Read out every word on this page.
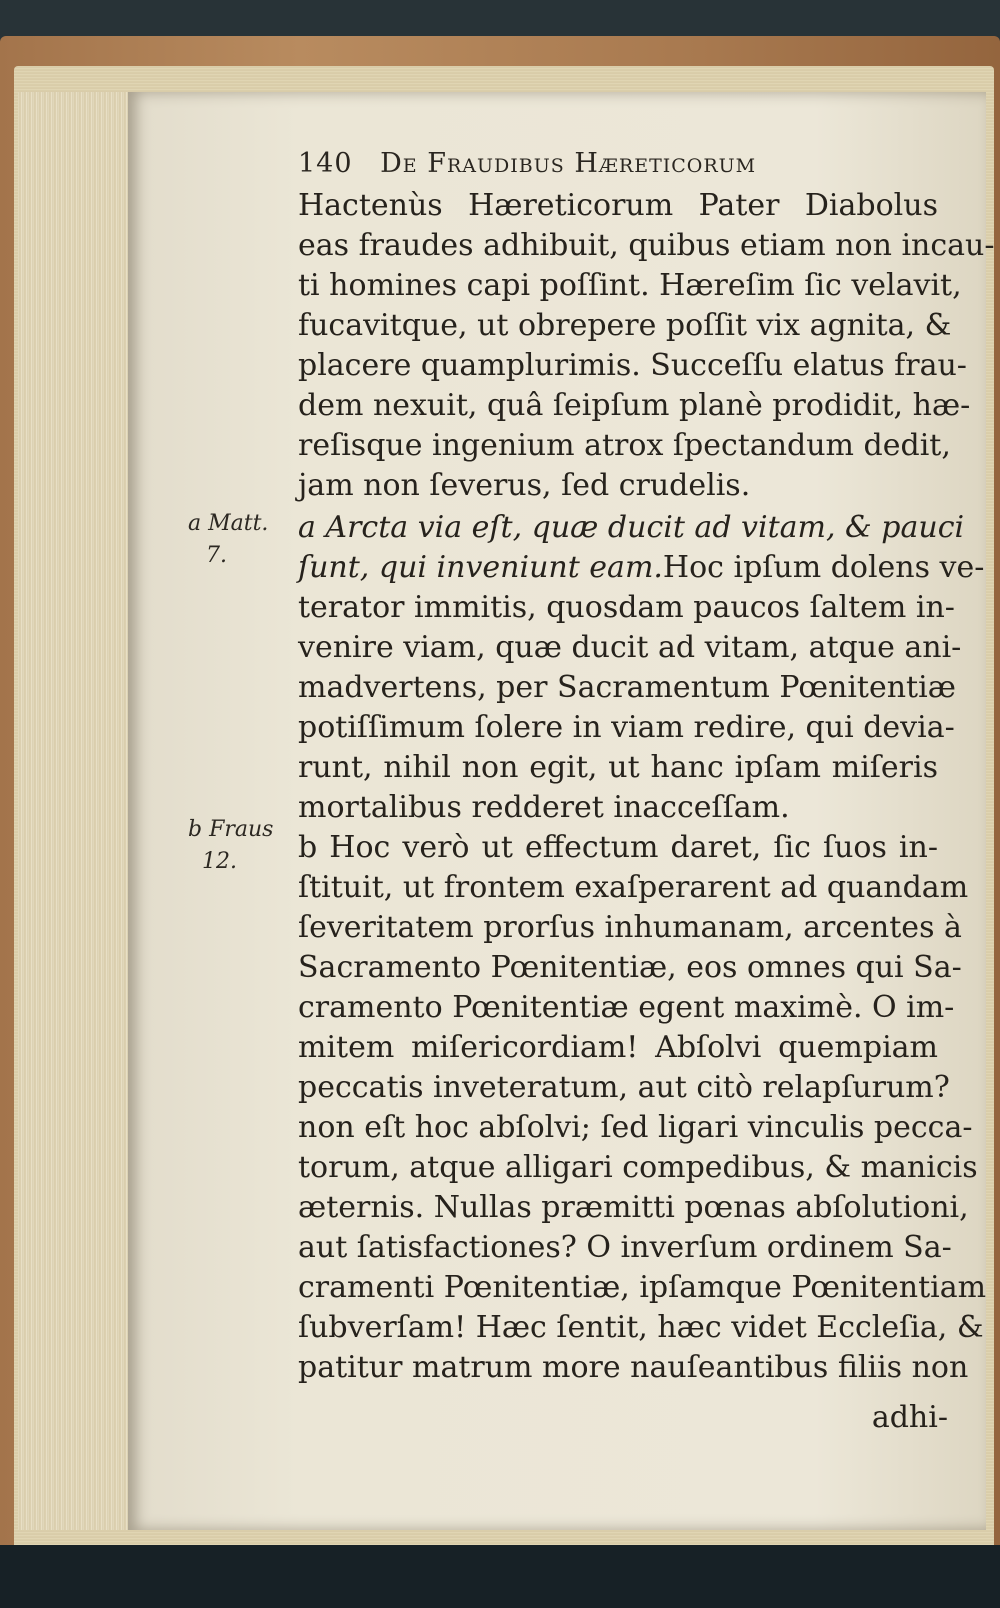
140 De Fraudibus Hæreticorum
Hactenùs Hæreticorum Pater Diabolus
eas fraudes adhibuit, quibus etiam non incau-
ti homines capi poſſint. Hæreſim ſic velavit,
fucavitque, ut obrepere poſſit vix agnita, &
placere quamplurimis. Succeſſu elatus frau-
dem nexuit, quâ ſeipſum planè prodidit, hæ-
reſisque ingenium atrox ſpectandum dedit,
jam non ſeverus, ſed crudelis.
a Matt.
7.
a Arcta via eſt, quæ ducit ad vitam, & pauci
ſunt, qui inveniunt eam.Hoc ipſum dolens ve-
terator immitis, quosdam paucos ſaltem in-
venire viam, quæ ducit ad vitam, atque ani-
madvertens, per Sacramentum Pœnitentiæ
potiſſimum ſolere in viam redire, qui devia-
runt, nihil non egit, ut hanc ipſam miſeris
mortalibus redderet inacceſſam.
b Fraus
12.	b Hoc verò ut effectum daret, ſic ſuos in-
ſtituit, ut frontem exaſperarent ad quandam
ſeveritatem prorſus inhumanam, arcentes à
Sacramento Pœnitentiæ, eos omnes qui Sa-
cramento Pœnitentiæ egent maximè. O im-
mitem miſericordiam! Abſolvi quempiam
peccatis inveteratum, aut citò relapſurum?
non eſt hoc abſolvi; ſed ligari vinculis pecca-
torum, atque alligari compedibus, & manicis
æternis. Nullas præmitti pœnas abſolutioni,
aut ſatisfactiones? O inverſum ordinem Sa-
cramenti Pœnitentiæ, ipſamque Pœnitentiam
ſubverſam! Hæc ſentit, hæc videt Eccleſia, &
patitur matrum more nauſeantibus filiis non
adhi-
